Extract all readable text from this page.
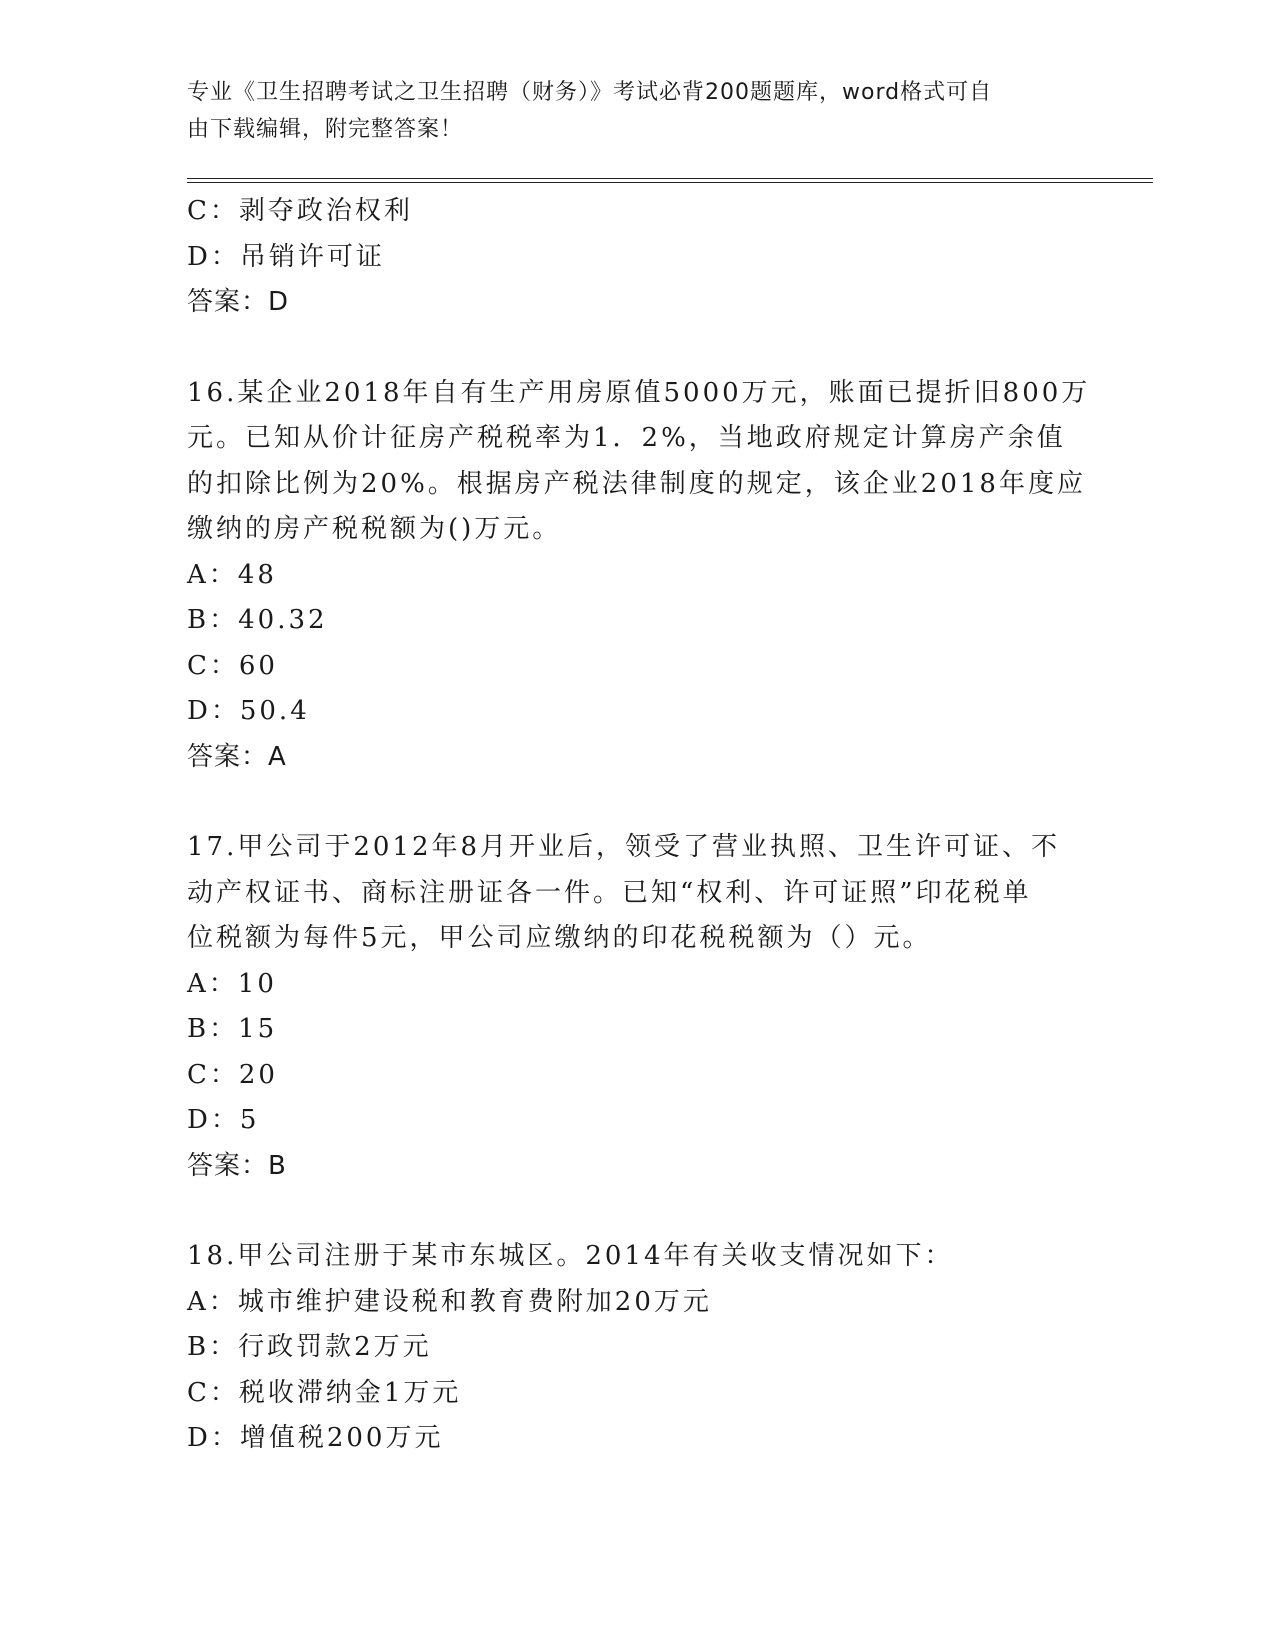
专业《卫生招聘考试之卫生招聘（财务）》考试必背200题题库，word格式可自
由下载编辑，附完整答案！
C：剥夺政治权利
D：吊销许可证
答案：D
16.某企业2018年自有生产用房原值5000万元，账面已提折旧800万
元。已知从价计征房产税税率为1．2%，当地政府规定计算房产余值
的扣除比例为20%。根据房产税法律制度的规定，该企业2018年度应
缴纳的房产税税额为()万元。
A：48
B：40.32
C：60
D：50.4
答案：A
17.甲公司于2012年8月开业后，领受了营业执照、卫生许可证、不
动产权证书、商标注册证各一件。已知“权利、许可证照”印花税单
位税额为每件5元，甲公司应缴纳的印花税税额为（）元。
A：10
B：15
C：20
D：5
答案：B
18.甲公司注册于某市东城区。2014年有关收支情况如下：
A：城市维护建设税和教育费附加20万元
B：行政罚款2万元
C：税收滞纳金1万元
D：增值税200万元
